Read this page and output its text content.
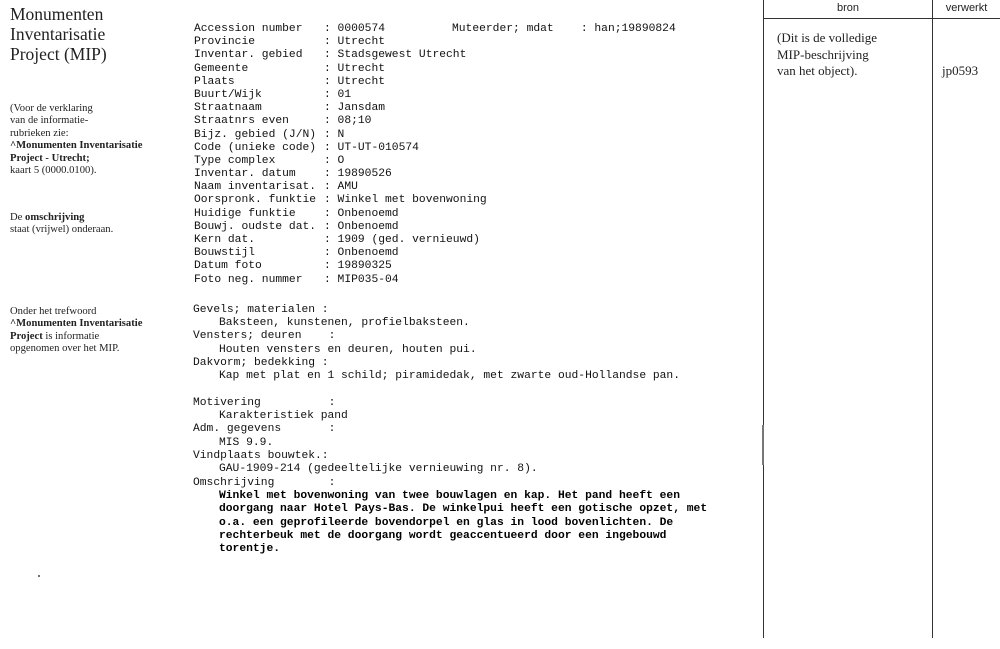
Monumenten
Inventarisatie
Project (MIP)
(Voor de verklaring
van de informatie-
rubrieken zie:
^Monumenten Inventarisatie
Project - Utrecht;
kaart 5 (0000.0100).
De omschrijving
staat (vrijwel) onderaan.
Onder het trefwoord
^Monumenten Inventarisatie
Project is informatie
opgenomen over het MIP.
Accession number : 0000574
Provincie	: Utrecht
Inventar. gebied : Stadsgewest Utrecht
Gemeente	: Utrecht
Plaats	: Utrecht
Buurt/Wijk	: 01
Straatnaam	: Jansdam
Straatnrs even	: 08;10
Bijz. gebied (J/N) : N
Code (unieke code) : UT-UT-010574
Type complex	: O
Inventar. datum	: 19890526
Naam inventarisat. : AMU
Oorspronk. funktie : Winkel met bovenwoning
Huidige funktie	: Onbenoemd
Bouwj. oudste dat. : Onbenoemd
Kern dat.	: 1909 (ged. vernieuwd)
Bouwstijl	: Onbenoemd
Datum foto	: 19890325
Foto neg. nummer : MIP035-04
Muteerder; mdat : han;19890824
Gevels; materialen :
Baksteen, kunstenen, profielbaksteen.
Vensters; deuren    :
Houten vensters en deuren, houten pui.
Dakvorm; bedekking :
Kap met plat en 1 schild; piramidedak, met zwarte oud-Hollandse pan.
Motivering          :
Karakteristiek pand
Adm. gegevens       :
MIS 9.9.
Vindplaats bouwtek.:
GAU-1909-214 (gedeeltelijke vernieuwing nr. 8).
Omschrijving        :
Winkel met bovenwoning van twee bouwlagen en kap. Het pand heeft een
doorgang naar Hotel Pays-Bas. De winkelpui heeft een gotische opzet, met
o.a. een geprofileerde bovendorpel en glas in lood bovenlichten. De
rechterbeuk met de doorgang wordt geaccentueerd door een ingebouwd
torentje.
bron	verwerkt
(Dit is de volledige
MIP-beschrijving
van het object).	jp0593
